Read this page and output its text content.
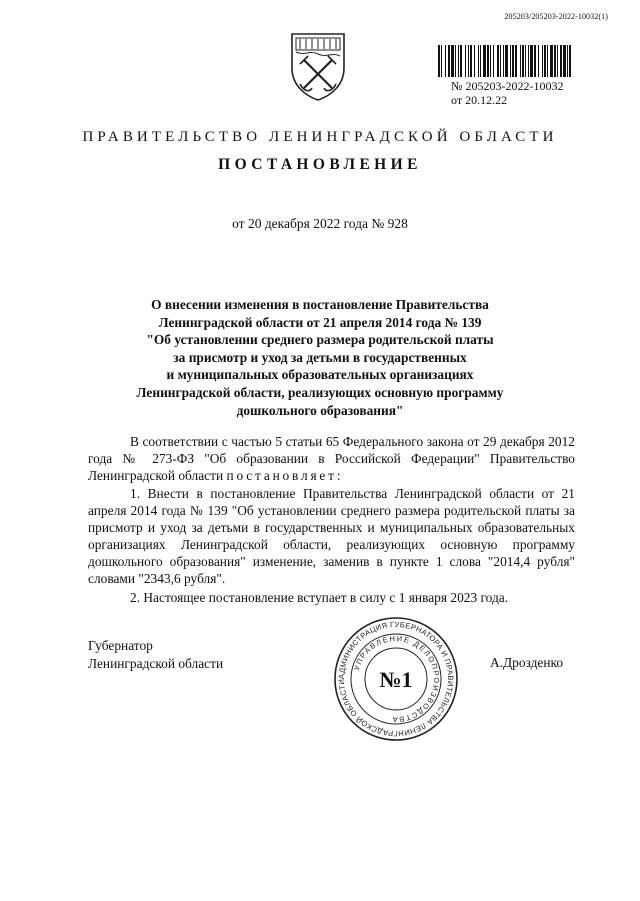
205203/205203-2022-10032(1)
№ 205203-2022-10032
от 20.12.22
ПРАВИТЕЛЬСТВО ЛЕНИНГРАДСКОЙ ОБЛАСТИ
ПОСТАНОВЛЕНИЕ
от 20 декабря 2022 года № 928
О внесении изменения в постановление Правительства
Ленинградской области от 21 апреля 2014 года № 139
"Об установлении среднего размера родительской платы
за присмотр и уход за детьми в государственных
и муниципальных образовательных организациях
Ленинградской области, реализующих основную программу
дошкольного образования"
В соответствии с частью 5 статьи 65 Федерального закона от 29 декабря 2012 года № 273-ФЗ "Об образовании в Российской Федерации" Правительство Ленинградской области постановляет:
1. Внести в постановление Правительства Ленинградской области от 21 апреля 2014 года № 139 "Об установлении среднего размера родительской платы за присмотр и уход за детьми в государственных и муниципальных образовательных организациях Ленинградской области, реализующих основную программу дошкольного образования" изменение, заменив в пункте 1 слова "2014,4 рубля" словами "2343,6 рубля".
2. Настоящее постановление вступает в силу с 1 января 2023 года.
Губернатор
Ленинградской области
АДМИНИСТРАЦИЯ ГУБЕРНАТОРА И ПРАВИТЕЛЬСТВА ЛЕНИНГРАДСКОЙ ОБЛАСТИ
УПРАВЛЕНИЕ ДЕЛОПРОИЗВОДСТВА
№1
А.Дрозденко
